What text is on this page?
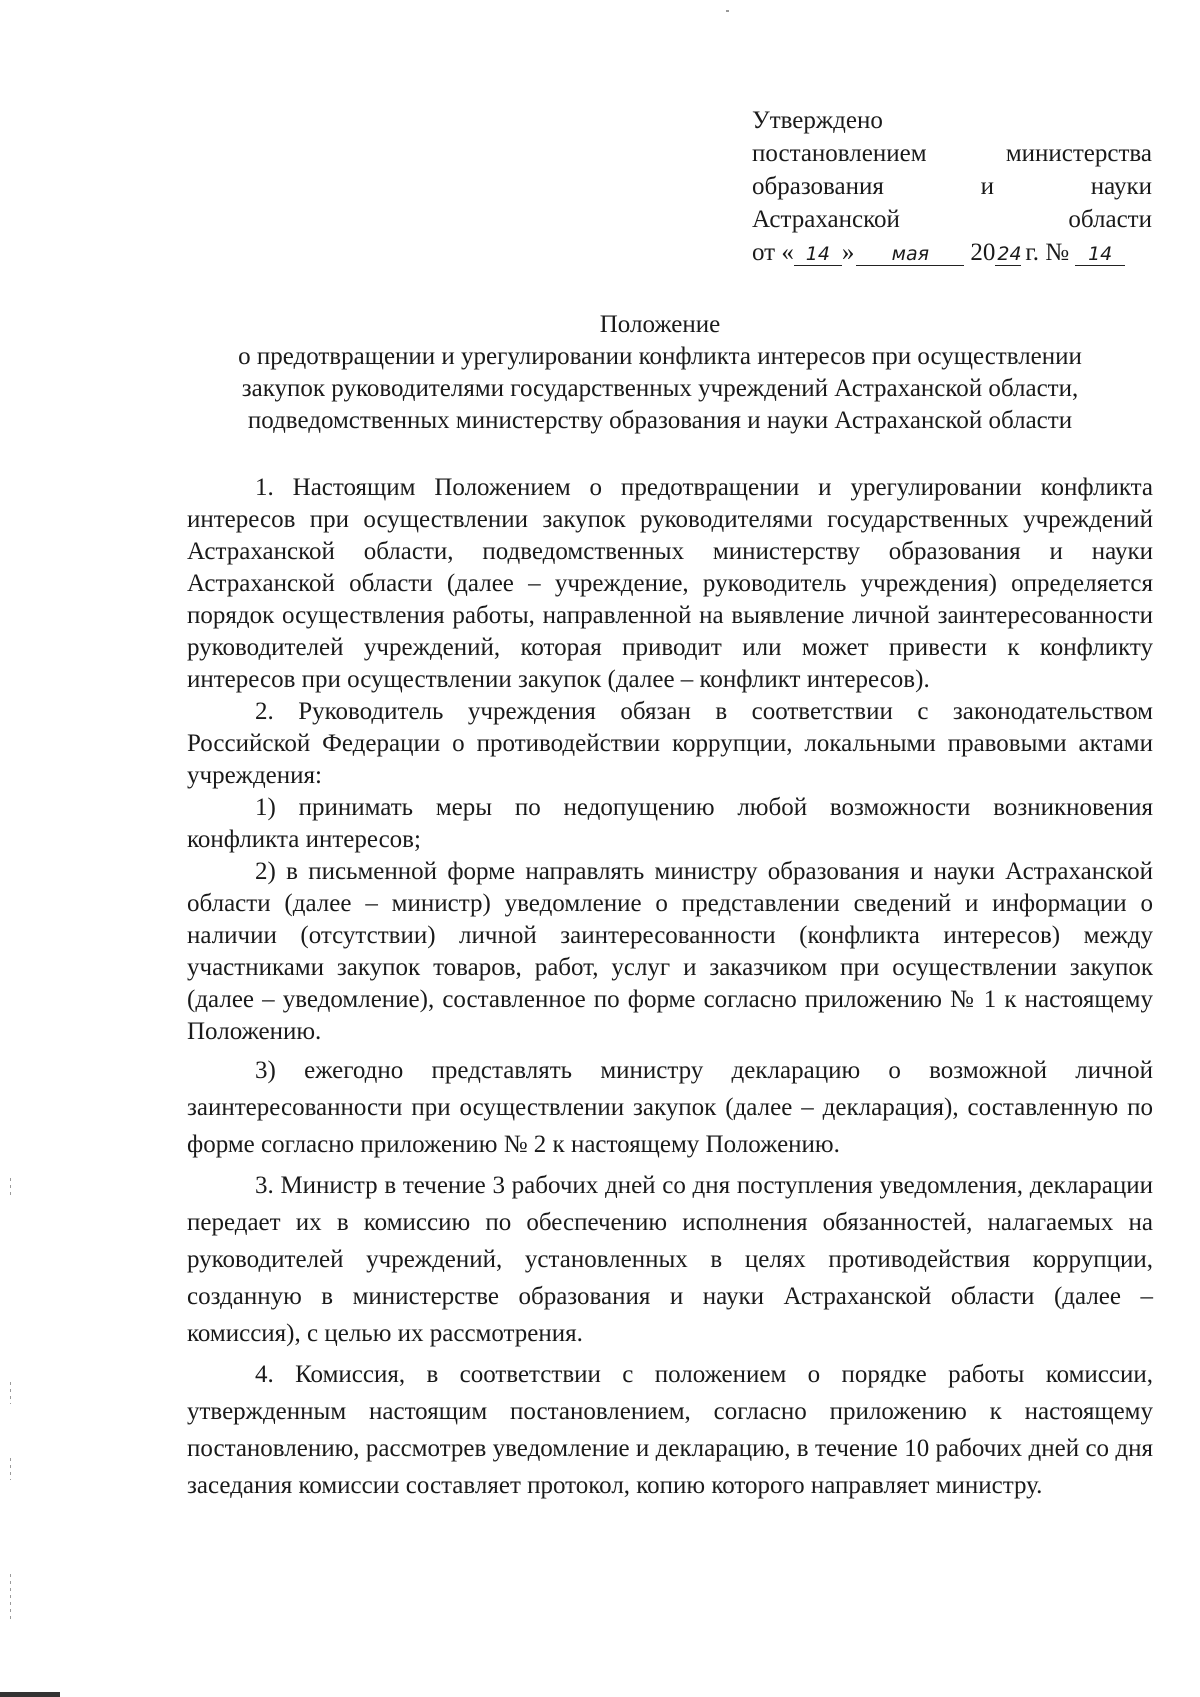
Утверждено
постановлением	министерства
образования	и	науки
Астраханской	области
от « 14 »	мая	20 24 г. № 14
Положение
о предотвращении и урегулировании конфликта интересов при осуществлении
закупок руководителями государственных учреждений Астраханской области,
подведомственных министерству образования и науки Астраханской области

1. Настоящим Положением о предотвращении и урегулировании конфликта интересов при осуществлении закупок руководителями государственных учреждений Астраханской области, подведомственных министерству образования и науки Астраханской области (далее – учреждение, руководитель учреждения) определяется порядок осуществления работы, направленной на выявление личной заинтересованности руководителей учреждений, которая приводит или может привести к конфликту интересов при осуществлении закупок (далее – конфликт интересов).

2. Руководитель учреждения обязан в соответствии с законодательством Российской Федерации о противодействии коррупции, локальными правовыми актами учреждения:

1) принимать меры по недопущению любой возможности возникновения конфликта интересов;

2) в письменной форме направлять министру образования и науки Астраханской области (далее – министр) уведомление о представлении сведений и информации о наличии (отсутствии) личной заинтересованности (конфликта интересов) между участниками закупок товаров, работ, услуг и заказчиком при осуществлении закупок (далее – уведомление), составленное по форме согласно приложению № 1 к настоящему Положению.

3) ежегодно представлять министру декларацию о возможной личной заинтересованности при осуществлении закупок (далее – декларация), составленную по форме согласно приложению № 2 к настоящему Положению.

3. Министр в течение 3 рабочих дней со дня поступления уведомления, декларации передает их в комиссию по обеспечению исполнения обязанностей, налагаемых на руководителей учреждений, установленных в целях противодействия коррупции, созданную в министерстве образования и науки Астраханской области (далее – комиссия), с целью их рассмотрения.

4. Комиссия, в соответствии с положением о порядке работы комиссии, утвержденным настоящим постановлением, согласно приложению к настоящему постановлению, рассмотрев уведомление и декларацию, в течение 10 рабочих дней со дня заседания комиссии составляет протокол, копию которого направляет министру.
